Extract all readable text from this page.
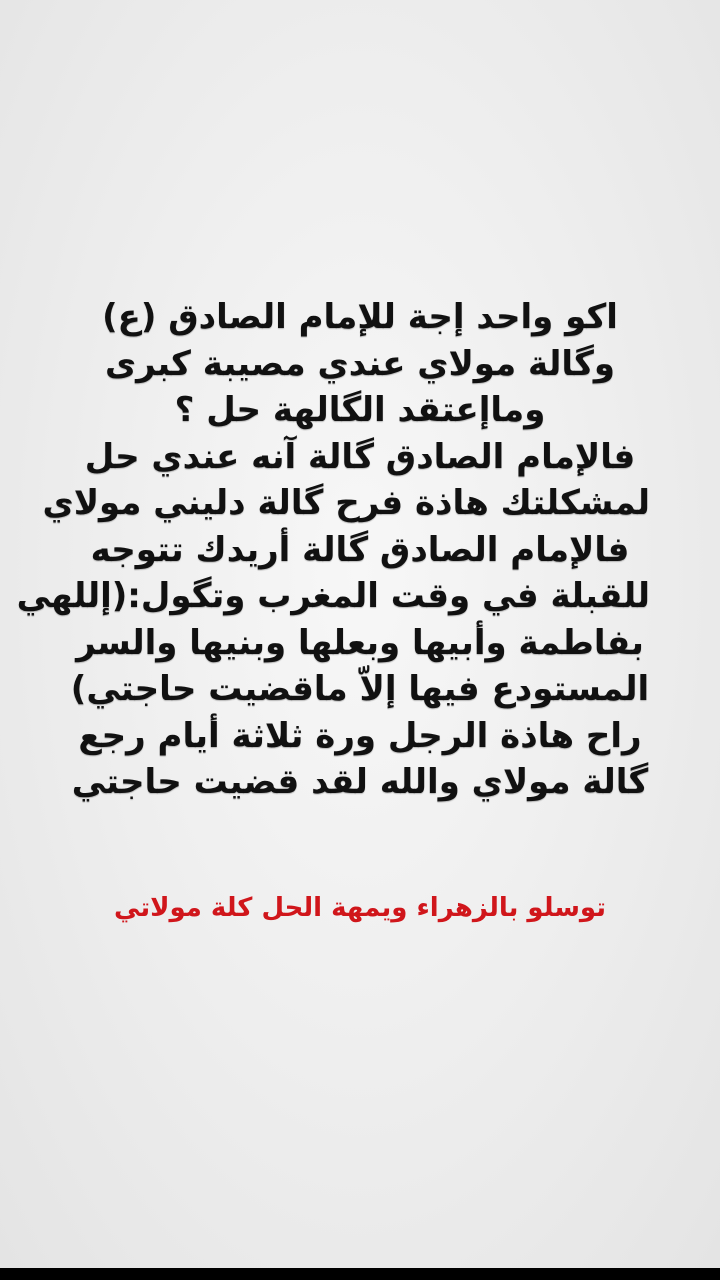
اكو واحد إجة للإمام الصادق (ع)
وگالة مولاي عندي مصيبة كبرى
وماإعتقد الگالهة حل ؟
فالإمام الصادق گالة آنه عندي حل
لمشكلتك هاذة فرح گالة دليني مولاي
فالإمام الصادق گالة أريدك تتوجه
للقبلة في وقت المغرب وتگول:(إللهي
بفاطمة وأبيها وبعلها وبنيها والسر
المستودع فيها إلاّ ماقضيت حاجتي)
راح هاذة الرجل ورة ثلاثة أيام رجع
گالة مولاي والله لقد قضيت حاجتي
توسلو بالزهراء ويمهة الحل كلة مولاتي
